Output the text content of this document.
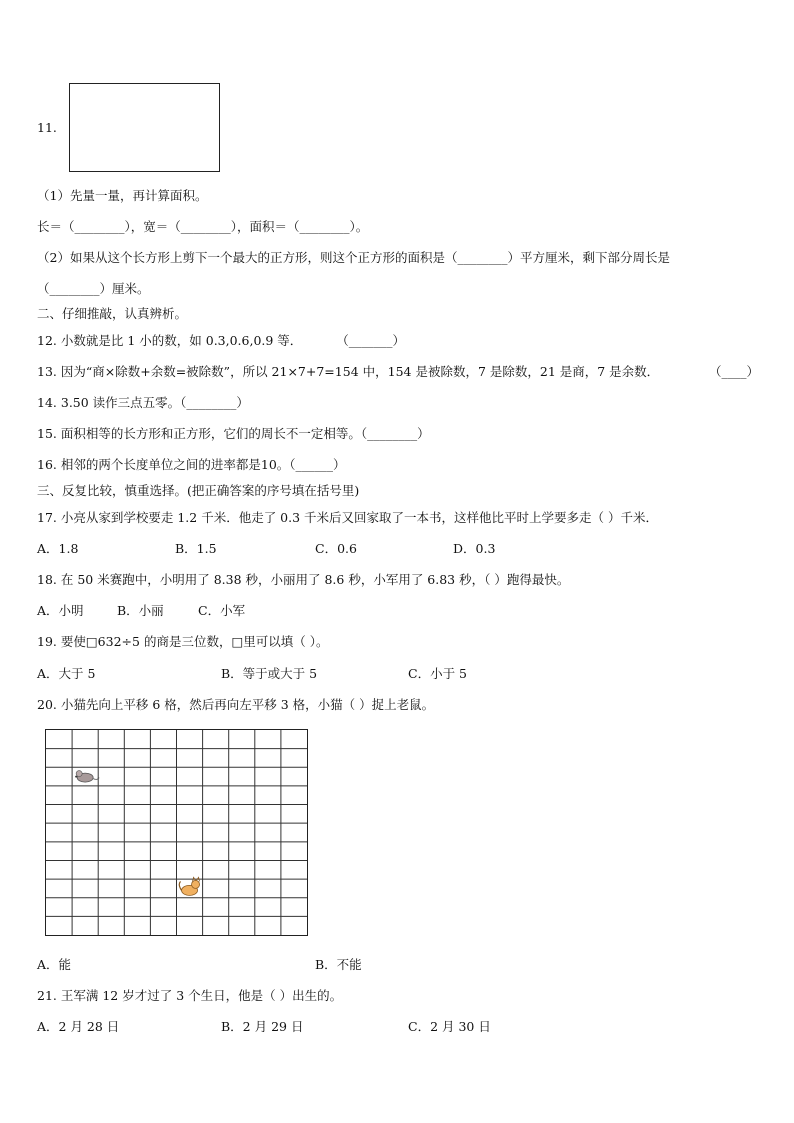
11.
（1）先量一量，再计算面积。
长＝（________），宽＝（________），面积＝（________）。
（2）如果从这个长方形上剪下一个最大的正方形，则这个正方形的面积是（________）平方厘米，剩下部分周长是
（________）厘米。
二、仔细推敲，认真辨析。
12. 小数就是比 1 小的数，如 0.3,0.6,0.9 等．	（_______）
13. 因为“商×除数+余数=被除数”，所以 21×7+7=154 中，154 是被除数，7 是除数，21 是商，7 是余数．	（____）
14. 3.50 读作三点五零。（________）
15. 面积相等的长方形和正方形，它们的周长不一定相等。（________）
16. 相邻的两个长度单位之间的进率都是10。（______）
三、反复比较，慎重选择。(把正确答案的序号填在括号里)
17. 小亮从家到学校要走 1.2 千米．他走了 0.3 千米后又回家取了一本书，这样他比平时上学要多走（ ）千米．
A．1.8	B．1.5	C．0.6	D．0.3
18. 在 50 米赛跑中，小明用了 8.38 秒，小丽用了 8.6 秒，小军用了 6.83 秒，（ ）跑得最快。
A．小明	B．小丽	C．小军
19. 要使□632÷5 的商是三位数，□里可以填（ ）。
A．大于 5	B．等于或大于 5	C．小于 5
20. 小猫先向上平移 6 格，然后再向左平移 3 格，小猫（ ）捉上老鼠。
A．能	B．不能
21. 王军满 12 岁才过了 3 个生日，他是（ ）出生的。
A．2 月 28 日	B．2 月 29 日	C．2 月 30 日
